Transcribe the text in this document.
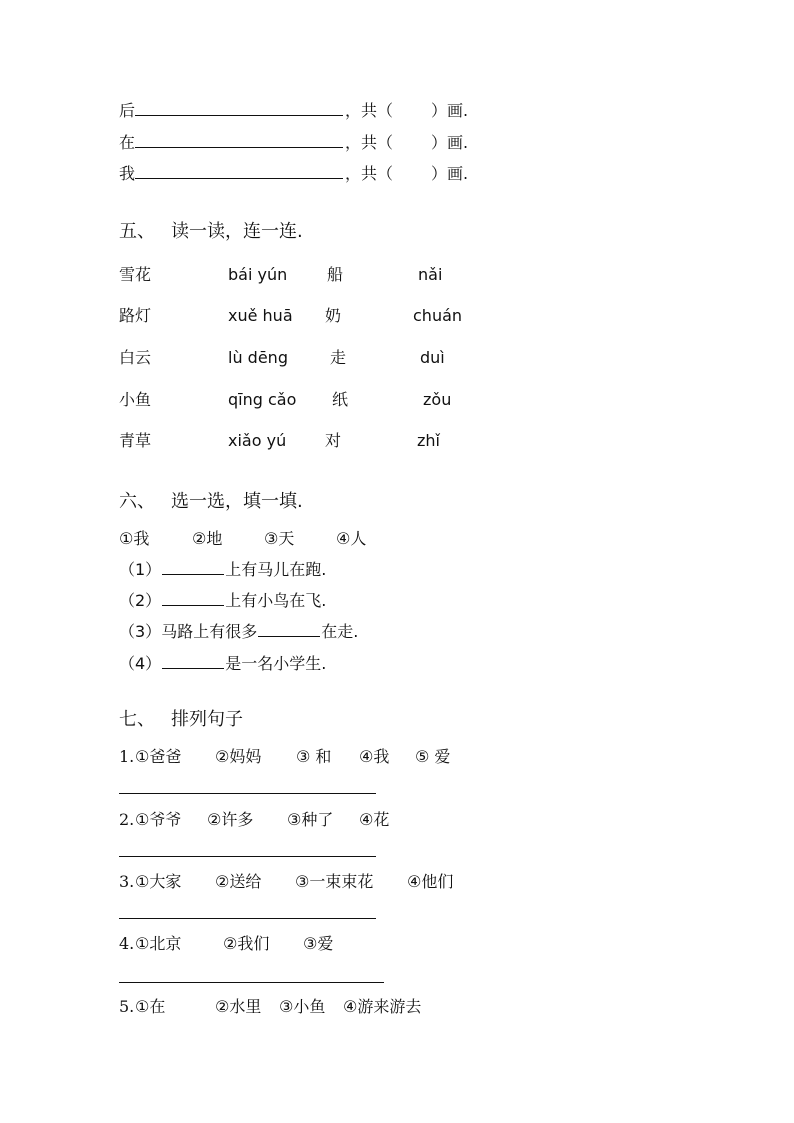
后	，共（ ）画.
在	，共（ ）画.
我	，共（ ）画.
五、 读一读，连一连.
雪花	bái yún 船	nǎi
路灯	xuě huā 奶	chuán
白云	lù dēng	走	duì
小鱼	qīng cǎo 纸	zǒu
青草	xiǎo yú 对	zhǐ
六、 选一选，填一填.
①我	②地	③天	④人
（1）	上有马儿在跑.
（2）	上有小鸟在飞.
（3）马路上有很多	在走.
（4）	是一名小学生.
七、 排列句子
1. ①爸爸 ②妈妈 ③ 和 ④我 ⑤ 爱
2. ①爷爷 ②许多 ③种了 ④花
3. ①大家 ②送给 ③一束束花 ④他们
4. ①北京	②我们 ③爱
5. ①在	②水里 ③小鱼 ④游来游去
